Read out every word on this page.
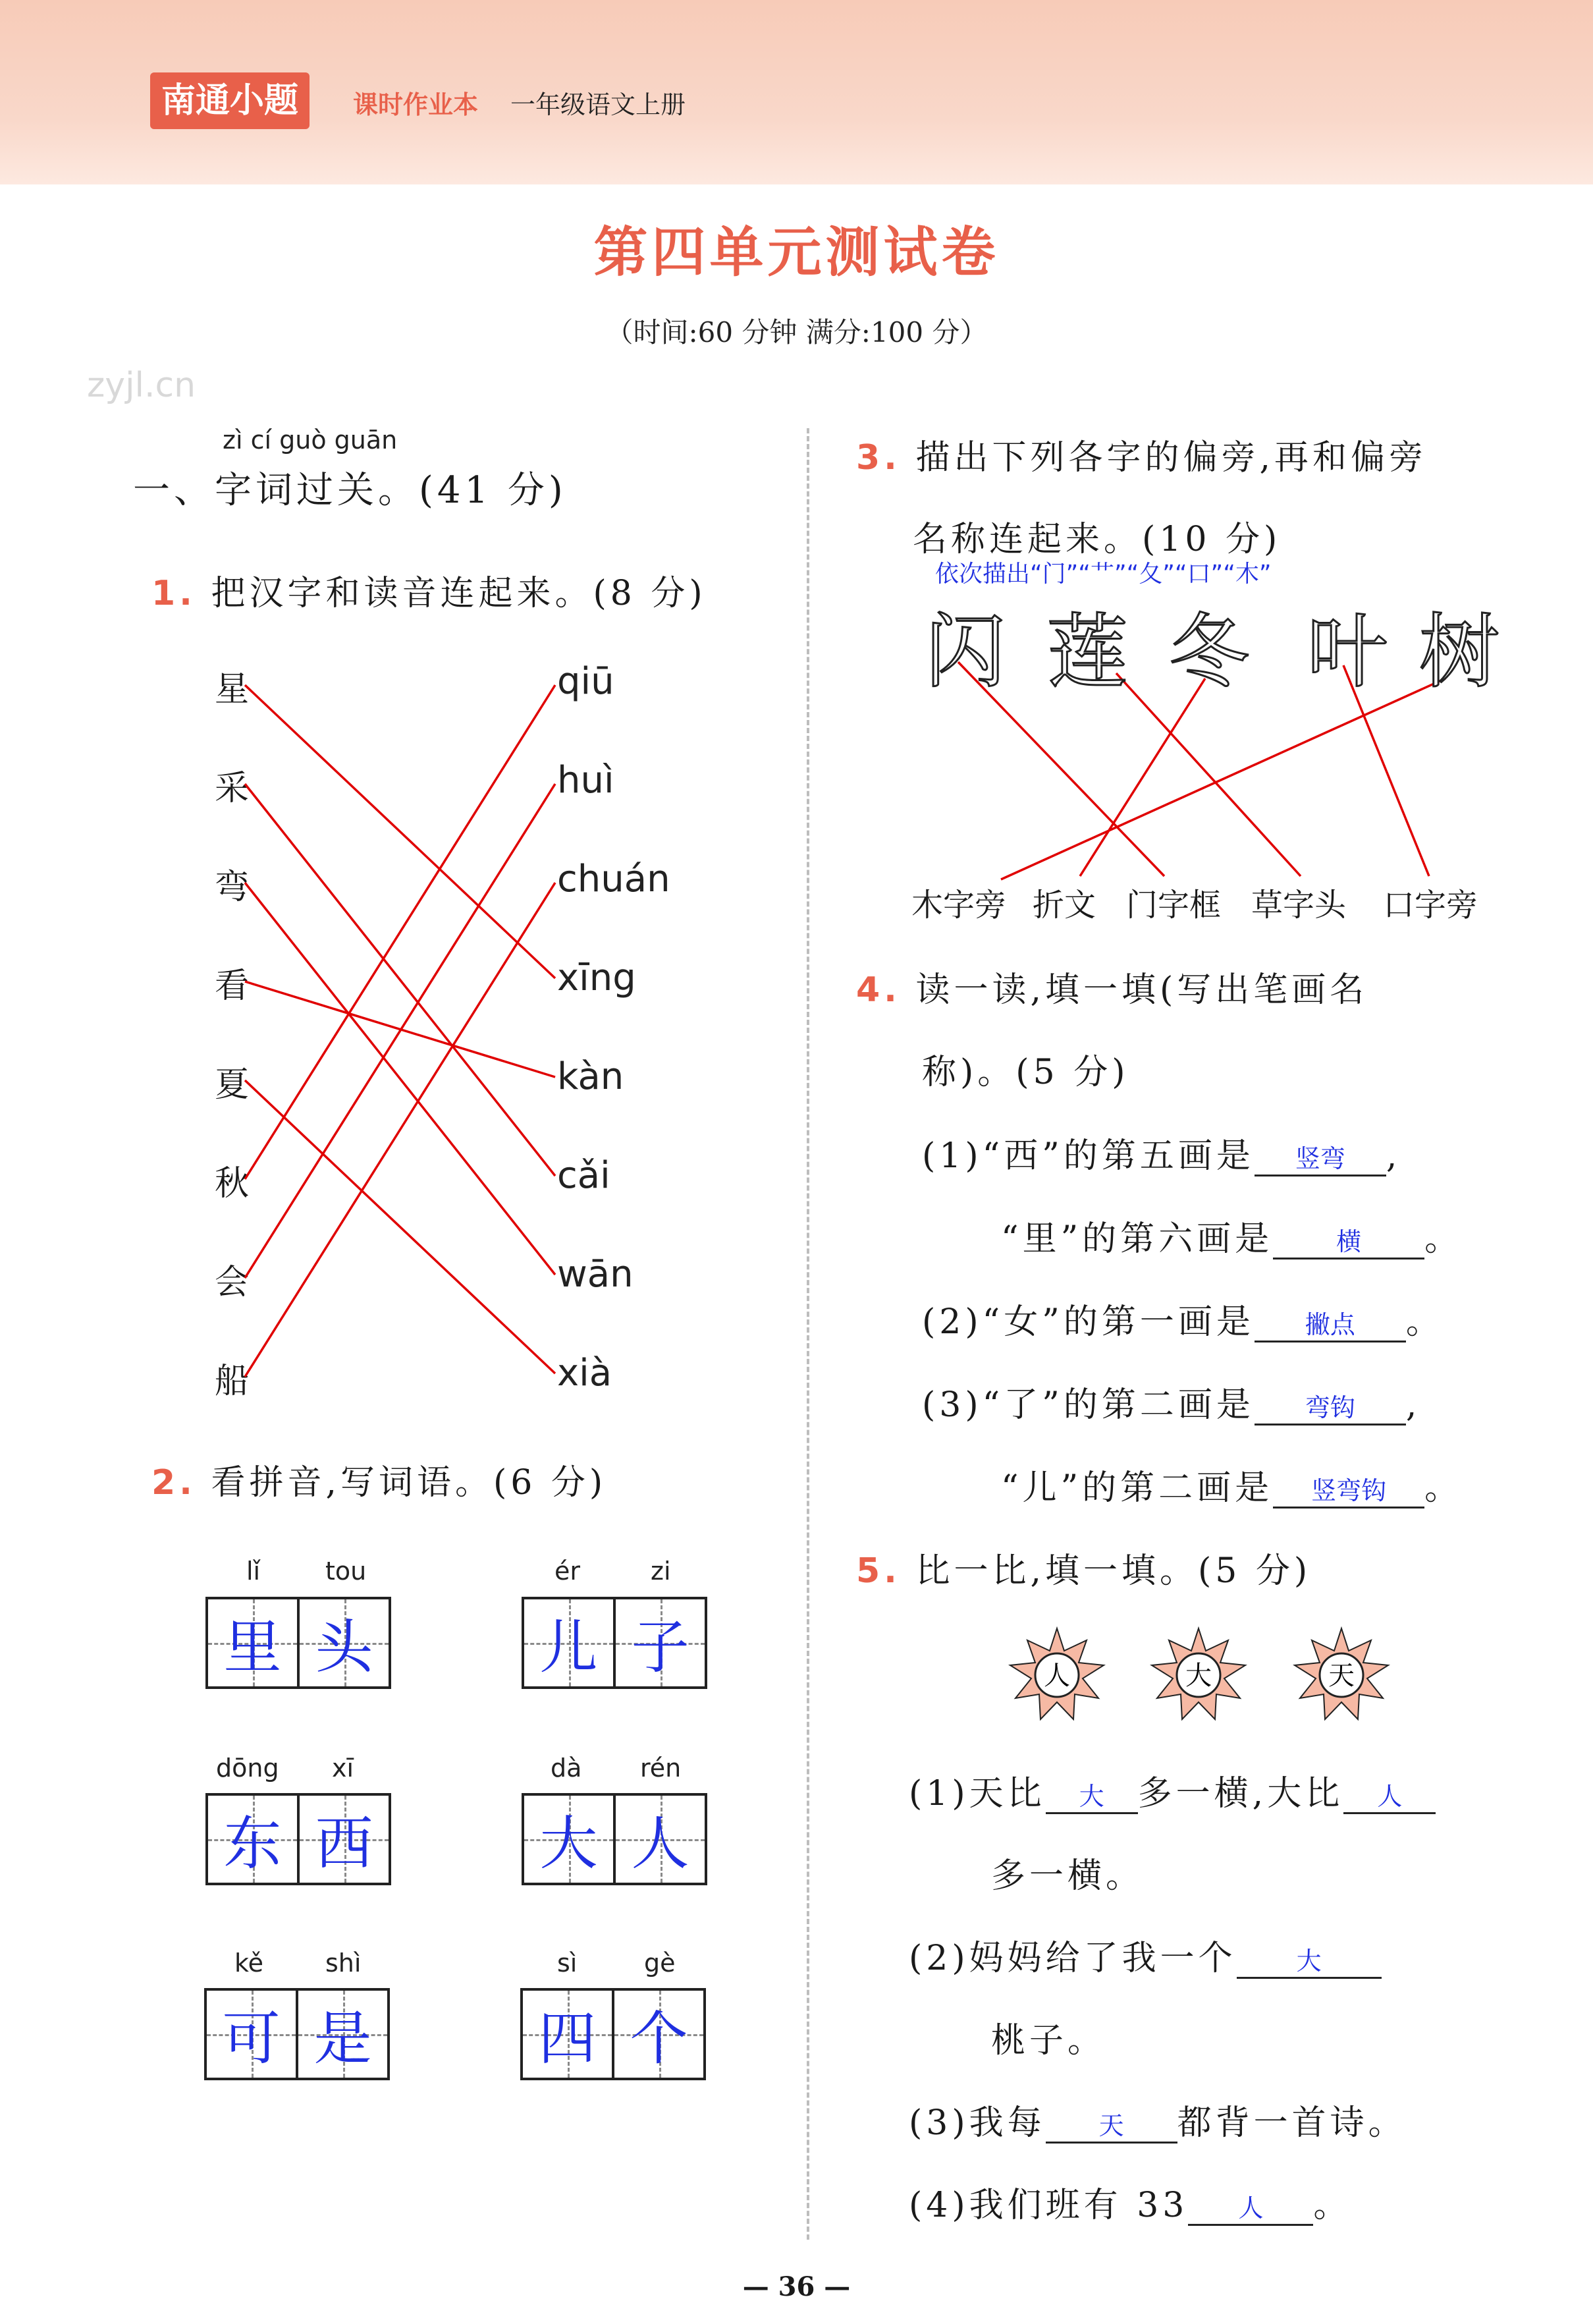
南通小题	课时作业本 一年级语文上册
第四单元测试卷
（时间:60 分钟 满分:100 分）
zyjl.cn
zì cí guò guān
一、字词过关。(41 分)
1. 把汉字和读音连起来。(8 分)
星
采
弯
看
夏
秋
会
船
qiū
huì
chuán
xīng
kàn
cǎi
wān
xià
2. 看拼音,写词语。(6 分)
lǐ	tou
里 头
ér	zi
儿 子
dōng xī
东 西
dà rén
大 人
kě shì
可 是
sì	gè
四 个
3. 描出下列各字的偏旁,再和偏旁
名称连起来。(10 分)
依次描出“门”“艹”“夂”“口”“木”
闪 莲 冬 叶 树
木字旁 折文 门字框 草字头 口字旁
4. 读一读,填一填(写出笔画名
称)。(5 分)
(1)“西”的第五画是 竖弯 ,
“里”的第六画是	横 。
(2)“女”的第一画是 撇点 。
(3)“了”的第二画是 弯钩 ,
“儿”的第二画是 竖弯钩 。
5. 比一比,填一填。(5 分)
人	大	天
(1)天比 大 多一横,大比 人
多一横。
(2)妈妈给了我一个 大
桃子。
(3)我每 天 都背一首诗。
(4)我们班有 33 人 。
— 36 —
